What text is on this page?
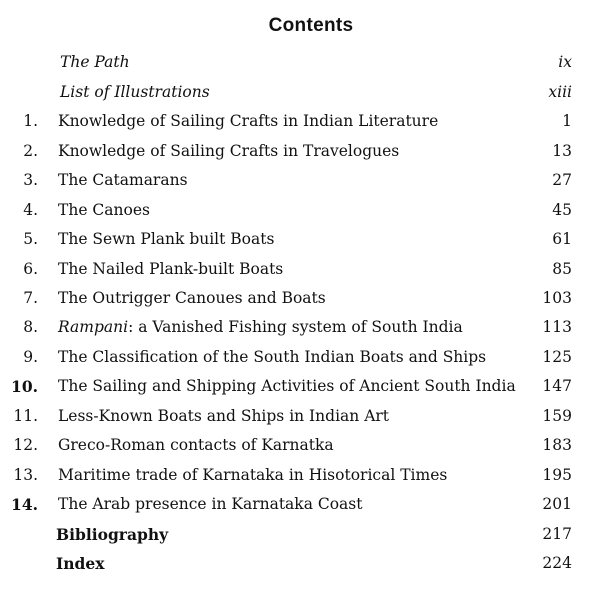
Contents
The Path	ix
List of Illustrations	xiii
1. Knowledge of Sailing Crafts in Indian Literature	1
2. Knowledge of Sailing Crafts in Travelogues	13
3. The Catamarans	27
4. The Canoes	45
5. The Sewn Plank built Boats	61
6. The Nailed Plank-built Boats	85
7. The Outrigger Canoues and Boats	103
8. Rampani: a Vanished Fishing system of South India	113
9. The Classification of the South Indian Boats and Ships	125
10. The Sailing and Shipping Activities of Ancient South India 147
11. Less-Known Boats and Ships in Indian Art	159
12. Greco-Roman contacts of Karnatka	183
13. Maritime trade of Karnataka in Hisotorical Times	195
14. The Arab presence in Karnataka Coast	201
Bibliography	217
Index	224
